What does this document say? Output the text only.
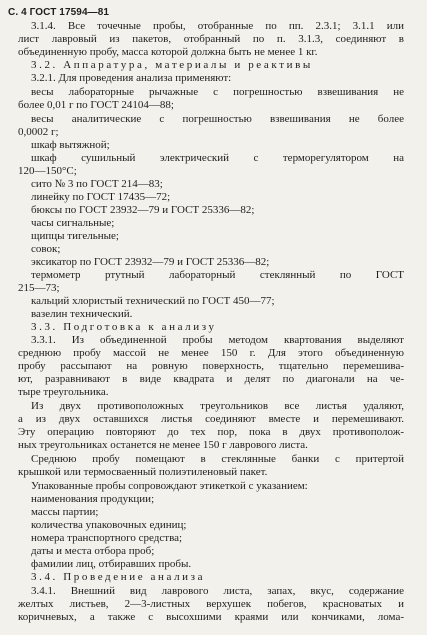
С. 4 ГОСТ 17594—81
3.1.4. Все точечные пробы, отобранные по пп. 2.3.1; 3.1.1 или
лист лавровый из пакетов, отобранный по п. 3.1.3, соединяют в
объединенную пробу, масса которой должна быть не менее 1 кг.
3.2. Аппаратура, материалы и реактивы
3.2.1. Для проведения анализа применяют:
весы лабораторные рычажные с погрешностью взвешивания не
более 0,01 г по ГОСТ 24104—88;
весы аналитические с погрешностью взвешивания не более
0,0002 г;
шкаф вытяжной;
шкаф сушильный электрический с терморегулятором на
120—150°С;
сито № 3 по ГОСТ 214—83;
линейку по ГОСТ 17435—72;
бюксы по ГОСТ 23932—79 и ГОСТ 25336—82;
часы сигнальные;
щипцы тигельные;
совок;
эксикатор по ГОСТ 23932—79 и ГОСТ 25336—82;
термометр ртутный лабораторный стеклянный по ГОСТ
215—73;
кальций хлористый технический по ГОСТ 450—77;
вазелин технический.
3.3. Подготовка к анализу
3.3.1. Из объединенной пробы методом квартования выделяют
среднюю пробу массой не менее 150 г. Для этого объединенную
пробу рассыпают на ровную поверхность, тщательно перемешива-
ют, разравнивают в виде квадрата и делят по диагонали на че-
тыре треугольника.
Из двух противоположных треугольников все листья удаляют,
а из двух оставшихся листья соединяют вместе и перемешивают.
Эту операцию повторяют до тех пор, пока в двух противополож-
ных треугольниках останется не менее 150 г лаврового листа.
Среднюю пробу помещают в стеклянные банки с притертой
крышкой или термосваенный полиэтиленовый пакет.
Упакованные пробы сопровождают этикеткой с указанием:
наименования продукции;
массы партии;
количества упаковочных единиц;
номера транспортного средства;
даты и места отбора проб;
фамилии лиц, отбиравших пробы.
3.4. Проведение анализа
3.4.1. Внешний вид лаврового листа, запах, вкус, содержание
желтых листьев, 2—3-листных верхушек побегов, красноватых и
коричневых, а также с высохшими краями или кончиками, лома-
